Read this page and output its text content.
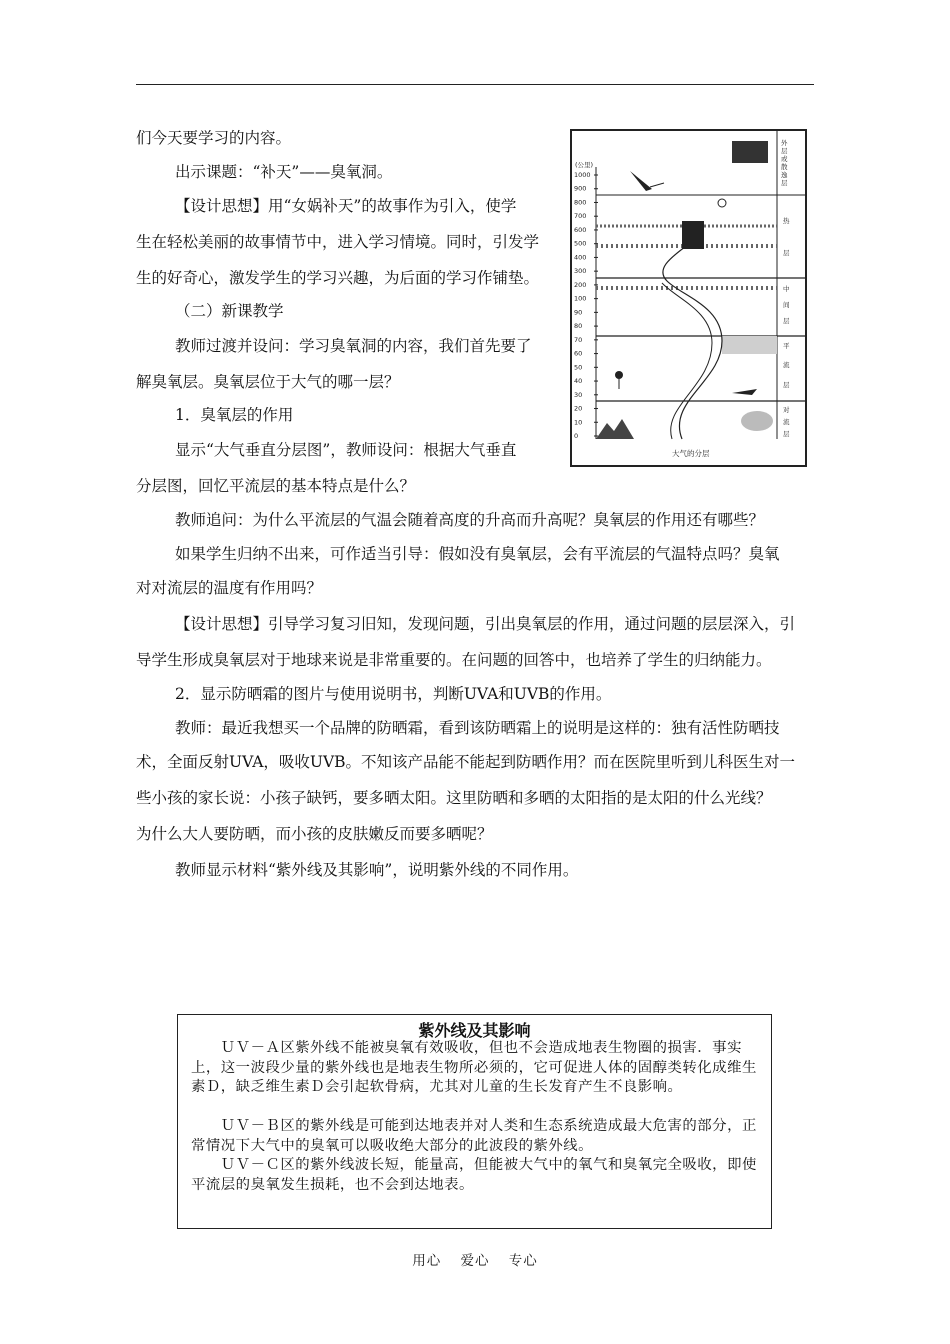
们今天要学习的内容。

出示课题：“补天”——臭氧洞。

【设计思想】用“女娲补天”的故事作为引入，使学

生在轻松美丽的故事情节中，进入学习情境。同时，引发学

生的好奇心，激发学生的学习兴趣，为后面的学习作铺垫。

（二）新课教学

教师过渡并设问：学习臭氧洞的内容，我们首先要了

解臭氧层。臭氧层位于大气的哪一层？

1．臭氧层的作用

显示“大气垂直分层图”，教师设问：根据大气垂直

分层图，回忆平流层的基本特点是什么？

教师追问：为什么平流层的气温会随着高度的升高而升高呢？臭氧层的作用还有哪些？

如果学生归纳不出来，可作适当引导：假如没有臭氧层，会有平流层的气温特点吗？臭氧

对对流层的温度有作用吗？

【设计思想】引导学习复习旧知，发现问题，引出臭氧层的作用，通过问题的层层深入，引

导学生形成臭氧层对于地球来说是非常重要的。在问题的回答中，也培养了学生的归纳能力。

2．显示防晒霜的图片与使用说明书，判断UVA和UVB的作用。

教师：最近我想买一个品牌的防晒霜，看到该防晒霜上的说明是这样的：独有活性防晒技

术，全面反射UVA，吸收UVB。不知该产品能不能起到防晒作用？而在医院里听到儿科医生对一

些小孩的家长说：小孩子缺钙，要多晒太阳。这里防晒和多晒的太阳指的是太阳的什么光线？

为什么大人要防晒，而小孩的皮肤嫩反而要多晒呢？

教师显示材料“紫外线及其影响”，说明紫外线的不同作用。

(公里)
1000
900
800
700
600
500
400
300
200
100
90
80
70
60
50
40
30
20
10
0
外
层
或
散
逸
层
热
层
中
间
层
平
流
层
对
流
层
大气的分层
紫外线及其影响

　　ＵＶ－Ａ区紫外线不能被臭氧有效吸收，但也不会造成地表生物圈的损害．事实上，这一波段少量的紫外线也是地表生物所必须的，它可促进人体的固醇类转化成维生素Ｄ，缺乏维生素Ｄ会引起软骨病，尤其对儿童的生长发育产生不良影响。

　　ＵＶ－Ｂ区的紫外线是可能到达地表并对人类和生态系统造成最大危害的部分，正常情况下大气中的臭氧可以吸收绝大部分的此波段的紫外线。

　　ＵＶ－Ｃ区的紫外线波长短，能量高，但能被大气中的氧气和臭氧完全吸收，即使平流层的臭氧发生损耗，也不会到达地表。

用心 爱心 专心
